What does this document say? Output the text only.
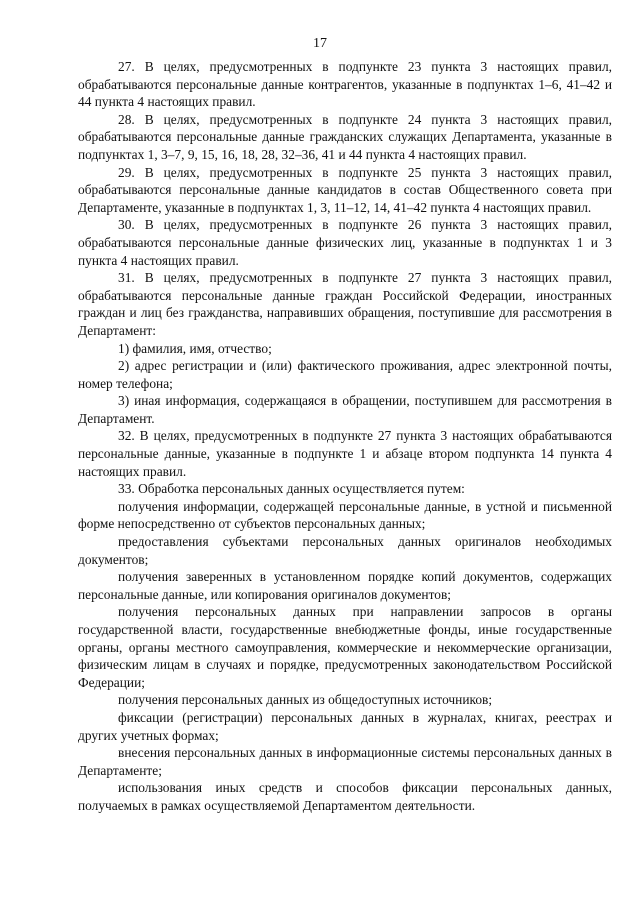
17

27. В целях, предусмотренных в подпункте 23 пункта 3 настоящих правил, обрабатываются персональные данные контрагентов, указанные в подпунктах 1–6, 41–42 и 44 пункта 4 настоящих правил.

28. В целях, предусмотренных в подпункте 24 пункта 3 настоящих правил, обрабатываются персональные данные гражданских служащих Департамента, указанные в подпунктах 1, 3–7, 9, 15, 16, 18, 28, 32–36, 41 и 44 пункта 4 настоящих правил.

29. В целях, предусмотренных в подпункте 25 пункта 3 настоящих правил, обрабатываются персональные данные кандидатов в состав Общественного совета при Департаменте, указанные в подпунктах 1, 3, 11–12, 14, 41–42 пункта 4 настоящих правил.

30. В целях, предусмотренных в подпункте 26 пункта 3 настоящих правил, обрабатываются персональные данные физических лиц, указанные в подпунктах 1 и 3 пункта 4 настоящих правил.

31. В целях, предусмотренных в подпункте 27 пункта 3 настоящих правил, обрабатываются персональные данные граждан Российской Федерации, иностранных граждан и лиц без гражданства, направивших обращения, поступившие для рассмотрения в Департамент:

1) фамилия, имя, отчество;

2) адрес регистрации и (или) фактического проживания, адрес электронной почты, номер телефона;

3) иная информация, содержащаяся в обращении, поступившем для рассмотрения в Департамент.

32. В целях, предусмотренных в подпункте 27 пункта 3 настоящих обрабатываются персональные данные, указанные в подпункте 1 и абзаце втором подпункта 14 пункта 4 настоящих правил.

33. Обработка персональных данных осуществляется путем:

получения информации, содержащей персональные данные, в устной и письменной форме непосредственно от субъектов персональных данных;

предоставления субъектами персональных данных оригиналов необходимых документов;

получения заверенных в установленном порядке копий документов, содержащих персональные данные, или копирования оригиналов документов;

получения персональных данных при направлении запросов в органы государственной власти, государственные внебюджетные фонды, иные государственные органы, органы местного самоуправления, коммерческие и некоммерческие организации, физическим лицам в случаях и порядке, предусмотренных законодательством Российской Федерации;

получения персональных данных из общедоступных источников;

фиксации (регистрации) персональных данных в журналах, книгах, реестрах и других учетных формах;

внесения персональных данных в информационные системы персональных данных в Департаменте;

использования иных средств и способов фиксации персональных данных, получаемых в рамках осуществляемой Департаментом деятельности.
